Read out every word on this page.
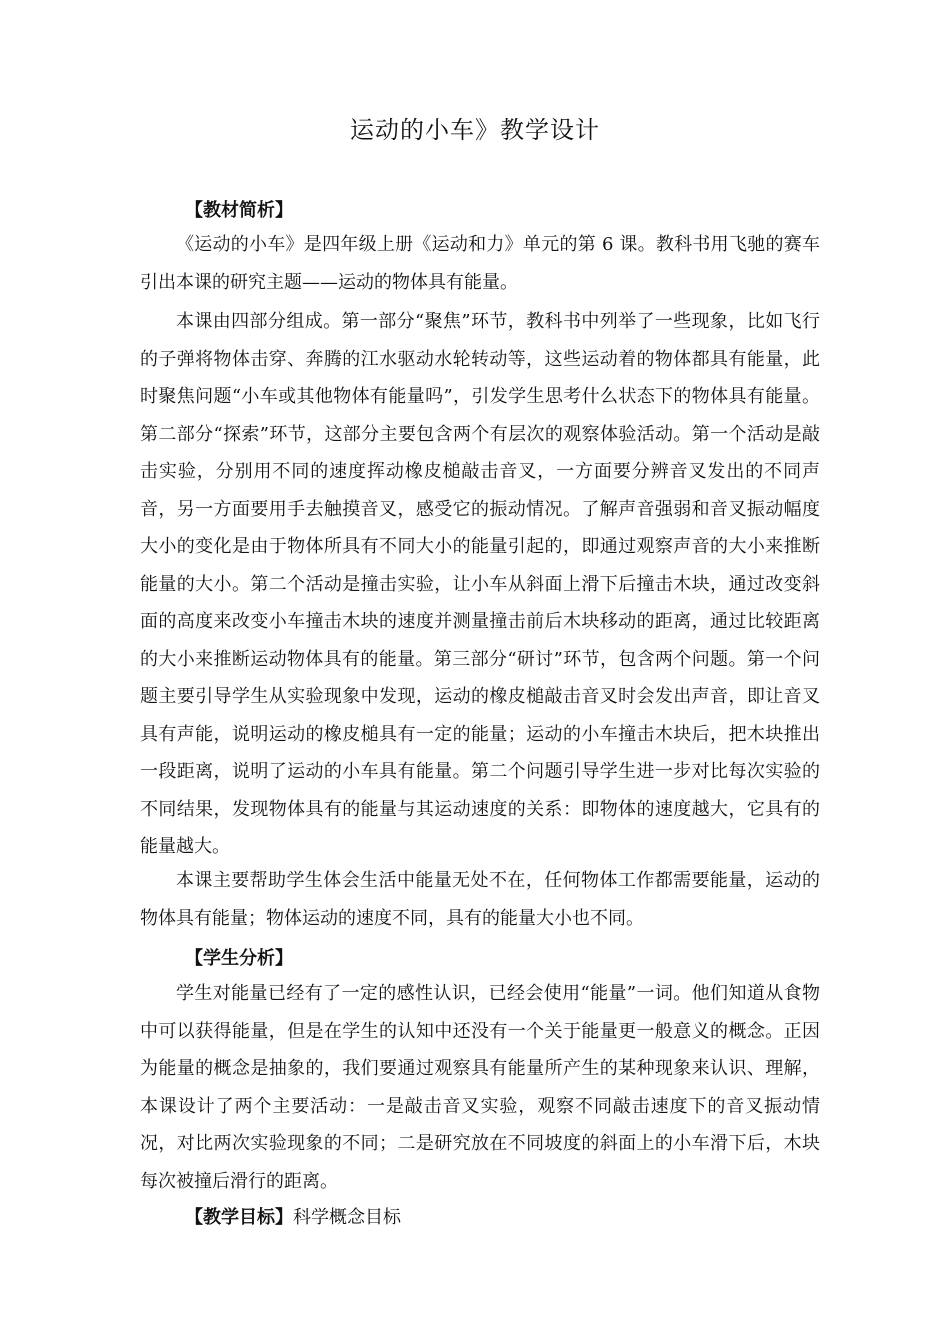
运动的小车》教学设计
【教材简析】

《运动的小车》是四年级上册《运动和力》单元的第 6 课。教科书用飞驰的赛车引出本课的研究主题——运动的物体具有能量。

本课由四部分组成。第一部分“聚焦”环节，教科书中列举了一些现象，比如飞行的子弹将物体击穿、奔腾的江水驱动水轮转动等，这些运动着的物体都具有能量，此时聚焦问题“小车或其他物体有能量吗”，引发学生思考什么状态下的物体具有能量。第二部分“探索”环节，这部分主要包含两个有层次的观察体验活动。第一个活动是敲击实验，分别用不同的速度挥动橡皮槌敲击音叉，一方面要分辨音叉发出的不同声音，另一方面要用手去触摸音叉，感受它的振动情况。了解声音强弱和音叉振动幅度大小的变化是由于物体所具有不同大小的能量引起的，即通过观察声音的大小来推断能量的大小。第二个活动是撞击实验，让小车从斜面上滑下后撞击木块，通过改变斜面的高度来改变小车撞击木块的速度并测量撞击前后木块移动的距离，通过比较距离的大小来推断运动物体具有的能量。第三部分“研讨”环节，包含两个问题。第一个问题主要引导学生从实验现象中发现，运动的橡皮槌敲击音叉时会发出声音，即让音叉具有声能，说明运动的橡皮槌具有一定的能量；运动的小车撞击木块后，把木块推出一段距离，说明了运动的小车具有能量。第二个问题引导学生进一步对比每次实验的不同结果，发现物体具有的能量与其运动速度的关系：即物体的速度越大，它具有的能量越大。

本课主要帮助学生体会生活中能量无处不在，任何物体工作都需要能量，运动的物体具有能量；物体运动的速度不同，具有的能量大小也不同。

【学生分析】

学生对能量已经有了一定的感性认识，已经会使用“能量”一词。他们知道从食物中可以获得能量，但是在学生的认知中还没有一个关于能量更一般意义的概念。正因为能量的概念是抽象的，我们要通过观察具有能量所产生的某种现象来认识、理解，本课设计了两个主要活动：一是敲击音叉实验，观察不同敲击速度下的音叉振动情况，对比两次实验现象的不同；二是研究放在不同坡度的斜面上的小车滑下后，木块每次被撞后滑行的距离。

【教学目标】科学概念目标
